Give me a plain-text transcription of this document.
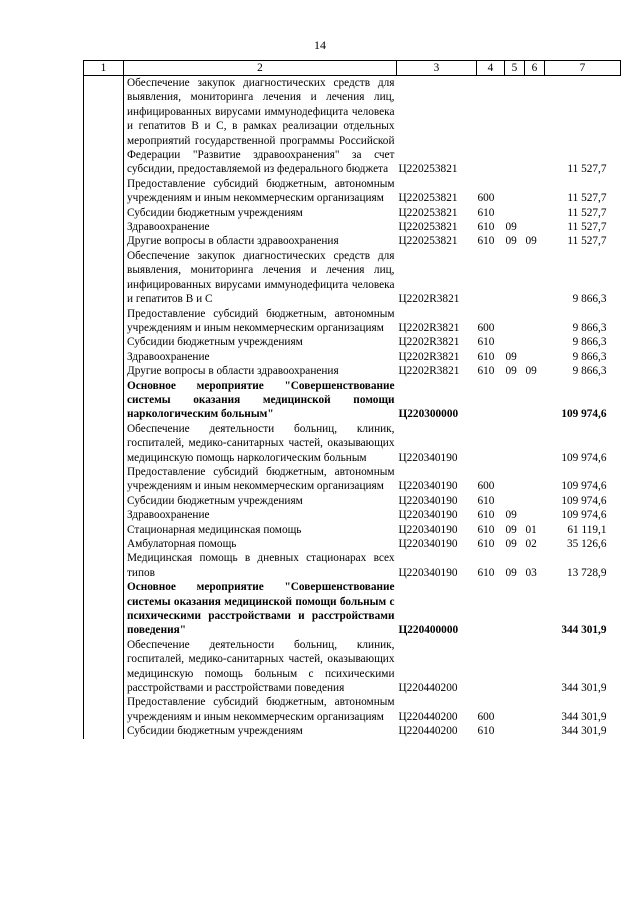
14
1	2	3	4	5	6	7
	Обеспечение закупок диагностических средств для выявления, мониторинга лечения и лечения лиц, инфицированных вирусами иммунодефицита человека и гепатитов В и С, в рамках реализации отдельных мероприятий государственной программы Российской Федерации "Развитие здравоохранения" за счет субсидии, предоставляемой из федерального бюджета	Ц220253821				11 527,7
	Предоставление субсидий бюджетным, автономным учреждениям и иным некоммерческим организациям	Ц220253821	600			11 527,7
	Субсидии бюджетным учреждениям	Ц220253821	610			11 527,7
	Здравоохранение	Ц220253821	610	09		11 527,7
	Другие вопросы в области здравоохранения	Ц220253821	610	09	09	11 527,7
	Обеспечение закупок диагностических средств для выявления, мониторинга лечения и лечения лиц, инфицированных вирусами иммунодефицита человека и гепатитов В и С	Ц2202R3821				9 866,3
	Предоставление субсидий бюджетным, автономным учреждениям и иным некоммерческим организациям	Ц2202R3821	600			9 866,3
	Субсидии бюджетным учреждениям	Ц2202R3821	610			9 866,3
	Здравоохранение	Ц2202R3821	610	09		9 866,3
	Другие вопросы в области здравоохранения	Ц2202R3821	610	09	09	9 866,3
	Основное мероприятие "Совершенствование системы оказания медицинской помощи наркологическим больным"	Ц220300000				109 974,6
	Обеспечение деятельности больниц, клиник, госпиталей, медико-санитарных частей, оказывающих медицинскую помощь наркологическим больным	Ц220340190				109 974,6
	Предоставление субсидий бюджетным, автономным учреждениям и иным некоммерческим организациям	Ц220340190	600			109 974,6
	Субсидии бюджетным учреждениям	Ц220340190	610			109 974,6
	Здравоохранение	Ц220340190	610	09		109 974,6
	Стационарная медицинская помощь	Ц220340190	610	09	01	61 119,1
	Амбулаторная помощь	Ц220340190	610	09	02	35 126,6
	Медицинская помощь в дневных стационарах всех типов	Ц220340190	610	09	03	13 728,9
	Основное мероприятие "Совершенствование системы оказания медицинской помощи больным с психическими расстройствами и расстройствами поведения"	Ц220400000				344 301,9
	Обеспечение деятельности больниц, клиник, госпиталей, медико-санитарных частей, оказывающих медицинскую помощь больным с психическими расстройствами и расстройствами поведения	Ц220440200				344 301,9
	Предоставление субсидий бюджетным, автономным учреждениям и иным некоммерческим организациям	Ц220440200	600			344 301,9
	Субсидии бюджетным учреждениям	Ц220440200	610			344 301,9
